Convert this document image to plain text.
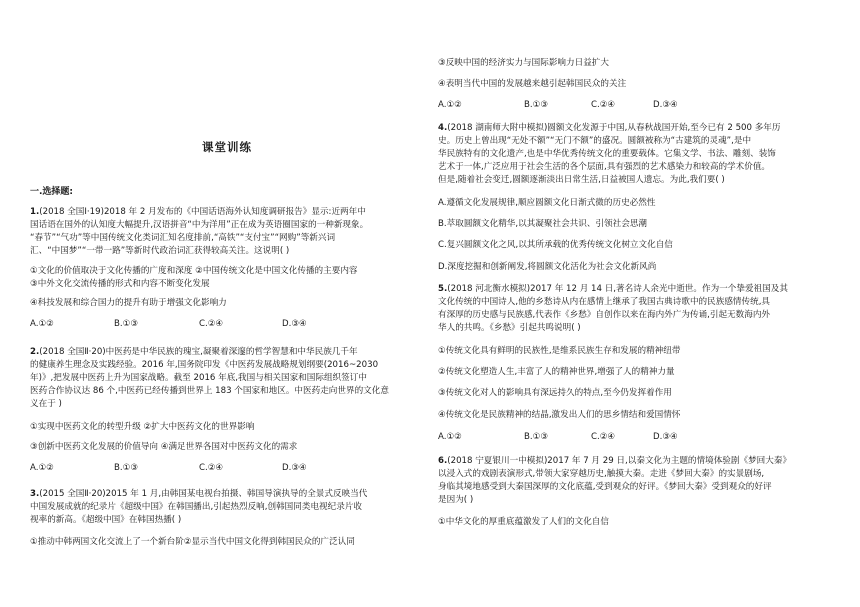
课堂训练
一.选择题:
1.(2018 全国Ⅰ·19)2018 年 2 月发布的《中国话语海外认知度调研报告》显示:近两年中
国话语在国外的认知度大幅提升,汉语拼音“中为洋用”正在成为英语圈国家的一种新现象。
“春节”“气功”等中国传统文化类词汇知名度排前,“高铁”“支付宝”“网购”等新兴词
汇、“中国梦”“一带一路”等新时代政治词汇获得较高关注。这说明( )
①文化的价值取决于文化传播的广度和深度 ②中国传统文化是中国文化传播的主要内容
③中外文化交流传播的形式和内容不断变化发展
④科技发展和综合国力的提升有助于增强文化影响力
A.①②	B.①③	C.②④	D.③④
2.(2018 全国Ⅱ·20)中医药是中华民族的瑰宝,凝聚着深邃的哲学智慧和中华民族几千年
的健康养生理念及实践经验。2016 年,国务院印发《中医药发展战略规划纲要(2016~2030
年)》,把发展中医药上升为国家战略。截至 2016 年底,我国与相关国家和国际组织签订中
医药合作协议达 86 个,中医药已经传播到世界上 183 个国家和地区。中医药走向世界的文化意
义在于 )
①实现中医药文化的转型升级 ②扩大中医药文化的世界影响
③创新中医药文化发展的价值导向 ④满足世界各国对中医药文化的需求
A.①②	B.①③	C.②④	D.③④
3.(2015 全国Ⅱ·20)2015 年 1 月,由韩国某电视台拍摄、韩国导演执导的全景式反映当代
中国发展成就的纪录片《超级中国》在韩国播出,引起热烈反响,创韩国同类电视纪录片收
视率的新高。《超级中国》在韩国热播( )
①推动中韩两国文化交流上了一个新台阶②显示当代中国文化得到韩国民众的广泛认同
③反映中国的经济实力与国际影响力日益扩大
④表明当代中国的发展越来越引起韩国民众的关注
A.①②	B.①③	C.②④	D.③④
4.(2018 湖南师大附中模拟)圆额文化发源于中国,从春秋战国开始,至今已有 2 500 多年历
史。历史上曾出现“无处不额”“无门不额”的盛况。圆额被称为“古建筑的灵魂”,是中
华民族特有的文化遗产,也是中华优秀传统文化的重要载体。它集文学、书法、雕刻、装饰
艺术于一体,广泛应用于社会生活的各个层面,具有强烈的艺术感染力和较高的学术价值。
但是,随着社会变迁,圆额逐渐淡出日常生活,日益被国人遗忘。为此,我们要( )
A.遵循文化发展规律,顺应圆额文化日渐式微的历史必然性
B.萃取圆额文化精华,以其凝聚社会共识、引领社会思潮
C.复兴圆额文化之风,以其所承载的优秀传统文化树立文化自信
D.深度挖掘和创新阐发,将圆额文化活化为社会文化新风尚
5.(2018 河北衡水模拟)2017 年 12 月 14 日,著名诗人余光中逝世。作为一个挚爱祖国及其
文化传统的中国诗人,他的乡愁诗从内在感情上继承了我国古典诗歌中的民族感情传统,具
有深厚的历史感与民族感,代表作《乡愁》自创作以来在海内外广为传诵,引起无数海内外
华人的共鸣。《乡愁》引起共鸣说明( )
①传统文化具有鲜明的民族性,是维系民族生存和发展的精神纽带
②传统文化塑造人生,丰富了人的精神世界,增强了人的精神力量
③传统文化对人的影响具有深远持久的特点,至今仍发挥着作用
④传统文化是民族精神的结晶,激发出人们的思乡情结和爱国情怀
A.①②	B.①③	C.②④	D.③④
6.(2018 宁夏银川一中模拟)2017 年 7 月 29 日,以秦文化为主题的情境体验剧《梦回大秦》
以浸入式的戏剧表演形式,带领大家穿越历史,触摸大秦。走进《梦回大秦》的实景剧场,
身临其境地感受到大秦国深厚的文化底蕴,受到观众的好评。《梦回大秦》受到观众的好评
是因为( )
①中华文化的厚重底蕴激发了人们的文化自信
